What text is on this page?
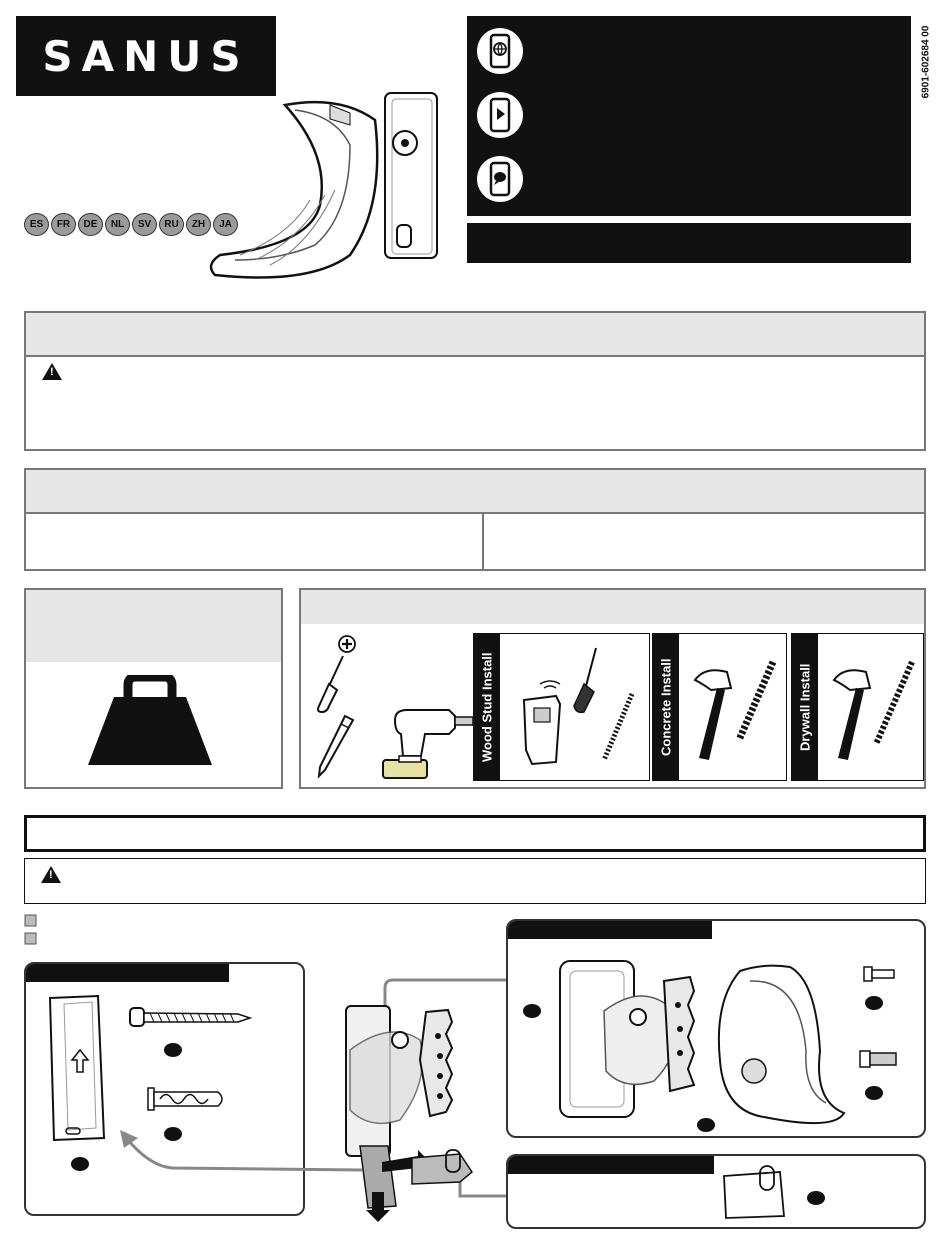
SANUS
ES	FR	DE	NL	SV	RU	ZH	JA
6901-602684 00
!
Wood Stud Install	Concrete Install	Drywall Install
!
